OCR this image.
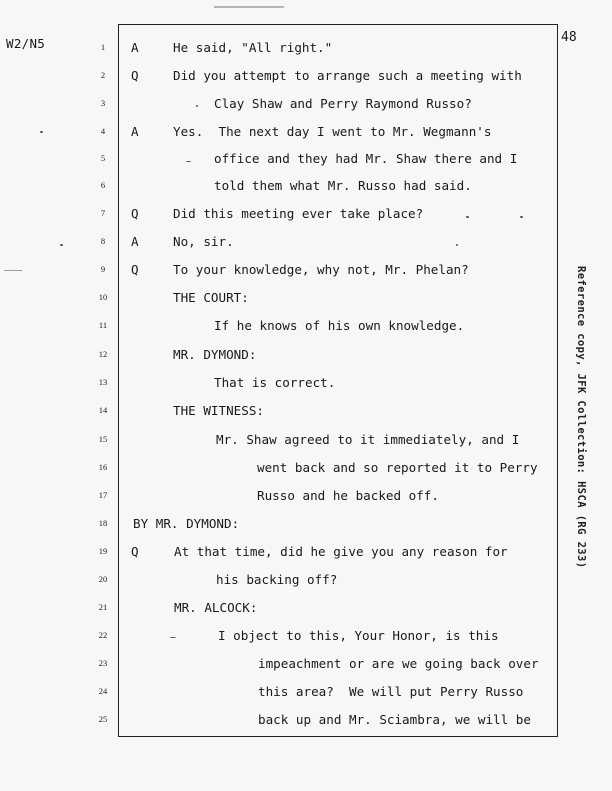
W2/N5	48
1	A	He said, "All right."
2	Q	Did you attempt to arrange such a meeting with
3	Clay Shaw and Perry Raymond Russo?
4	A	Yes.  The next day I went to Mr. Wegmann's
5	office and they had Mr. Shaw there and I
6	told them what Mr. Russo had said.
7	Q	Did this meeting ever take place?
8	A	No, sir.
9	Q	To your knowledge, why not, Mr. Phelan?
10	THE COURT:
11	If he knows of his own knowledge.
12	MR. DYMOND:
13	That is correct.
14	THE WITNESS:
15	Mr. Shaw agreed to it immediately, and I
16	went back and so reported it to Perry
17	Russo and he backed off.
18 BY MR. DYMOND:
19 Q	At that time, did he give you any reason for
20	his backing off?
21	MR. ALCOCK:
22	I object to this, Your Honor, is this
23	impeachment or are we going back over
24	this area?  We will put Perry Russo
25	back up and Mr. Sciambra, we will be
Reference copy, JFK Collection: HSCA (RG 233)
